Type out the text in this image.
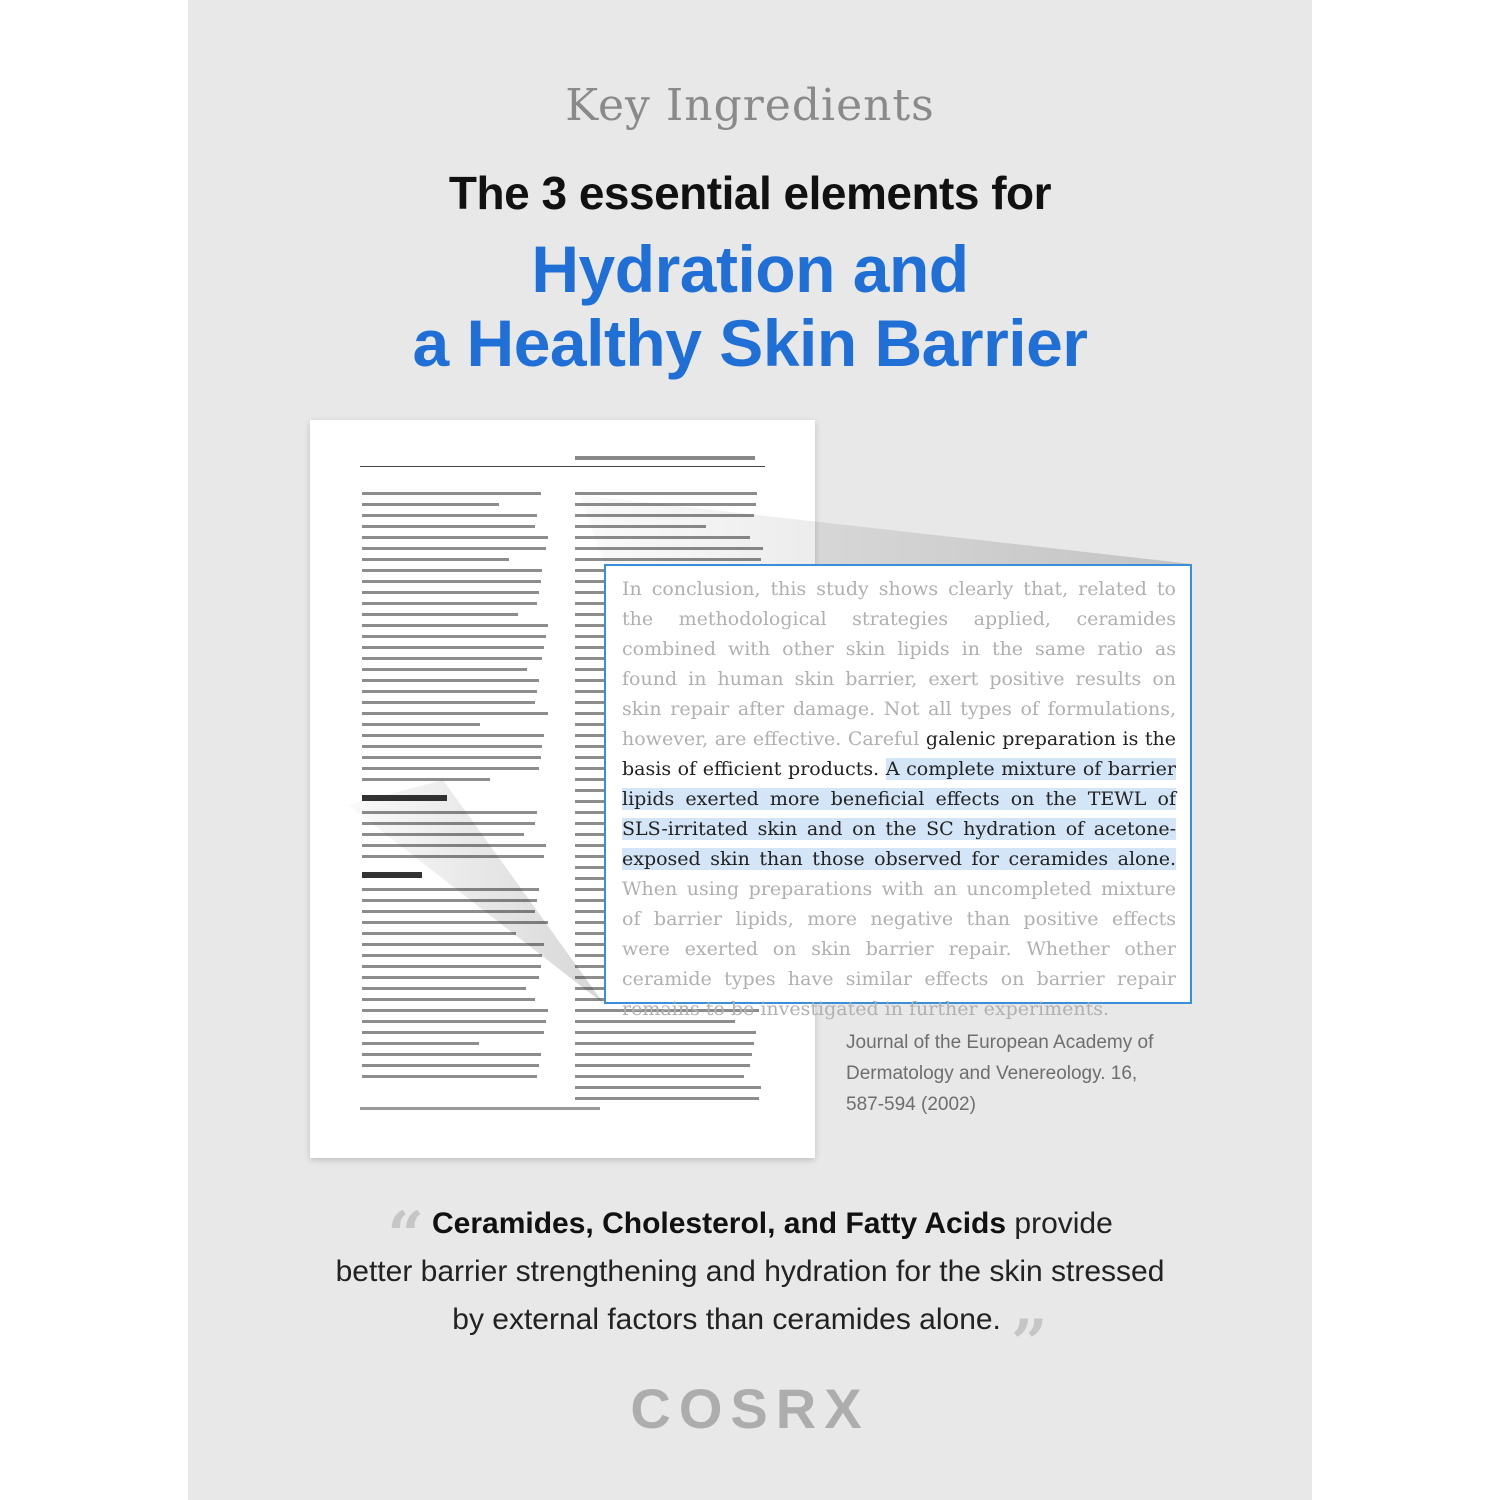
Key Ingredients
The 3 essential elements for
Hydration and
a Healthy Skin Barrier

In conclusion, this study shows clearly that, related to the methodological strategies applied, ceramides combined with other skin lipids in the same ratio as found in human skin barrier, exert positive results on skin repair after damage. Not all types of formulations, however, are effective. Careful galenic preparation is the basis of efficient products. A complete mixture of barrier lipids exerted more beneficial effects on the TEWL of SLS-irritated skin and on the SC hydration of acetone-exposed skin than those observed for ceramides alone. When using preparations with an uncompleted mixture of barrier lipids, more negative than positive effects were exerted on skin barrier repair. Whether other ceramide types have similar effects on barrier repair remains to be investigated in further experiments.

Journal of the European Academy of
Dermatology and Venereology. 16,
587-594 (2002)
“ Ceramides, Cholesterol, and Fatty Acids provide
better barrier strengthening and hydration for the skin stressed
by external factors than ceramides alone. ”
COSRX
